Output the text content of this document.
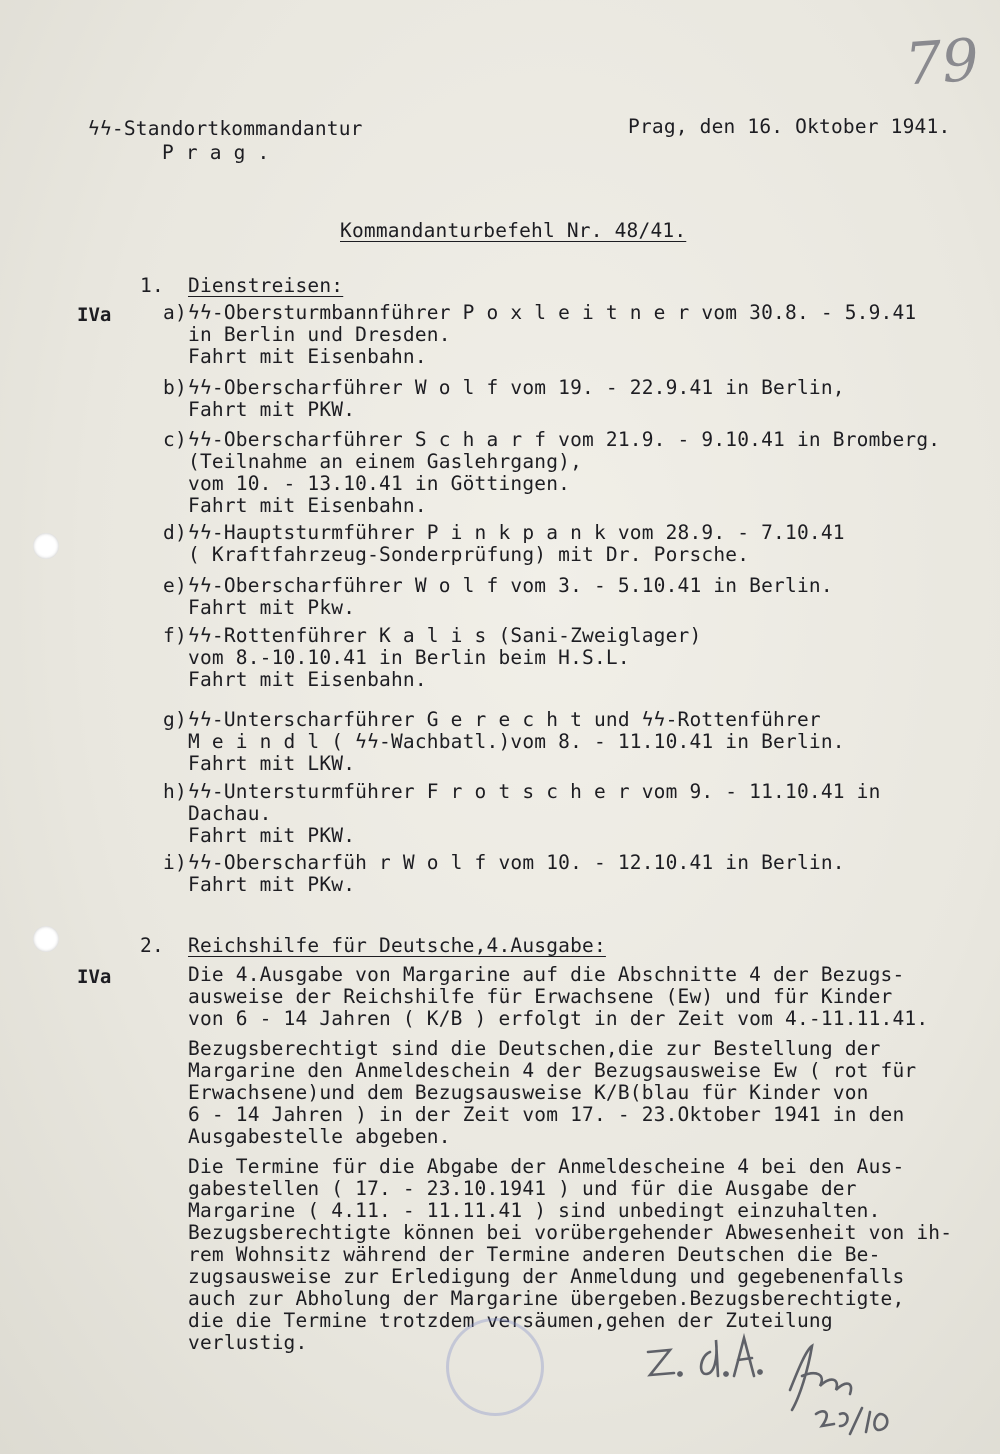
79
ϟϟ-Standortkommandantur
P r a g .
Prag, den 16. Oktober 1941.
Kommandanturbefehl Nr. 48/41.
1. Dienstreisen:
IVa	a) ϟϟ-Obersturmbannführer P o x l e i t n e r vom 30.8. - 5.9.41
in Berlin und Dresden.
Fahrt mit Eisenbahn.
b) ϟϟ-Oberscharführer W o l f vom 19. - 22.9.41 in Berlin,
Fahrt mit PKW.
c) ϟϟ-Oberscharführer S c h a r f vom 21.9. - 9.10.41 in Bromberg.
(Teilnahme an einem Gaslehrgang),
vom 10. - 13.10.41 in Göttingen.
Fahrt mit Eisenbahn.
d) ϟϟ-Hauptsturmführer P i n k p a n k vom 28.9. - 7.10.41
( Kraftfahrzeug-Sonderprüfung) mit Dr. Porsche.
e) ϟϟ-Oberscharführer W o l f vom 3. - 5.10.41 in Berlin.
Fahrt mit Pkw.
f) ϟϟ-Rottenführer K a l i s (Sani-Zweiglager)
vom 8.-10.10.41 in Berlin beim H.S.L.
Fahrt mit Eisenbahn.
g) ϟϟ-Unterscharführer G e r e c h t und ϟϟ-Rottenführer
M e i n d l ( ϟϟ-Wachbatl.)vom 8. - 11.10.41 in Berlin.
Fahrt mit LKW.
h) ϟϟ-Untersturmführer F r o t s c h e r vom 9. - 11.10.41 in
Dachau.
Fahrt mit PKW.
i) ϟϟ-Oberscharfüh r W o l f vom 10. - 12.10.41 in Berlin.
Fahrt mit PKw.
2. Reichshilfe für Deutsche,4.Ausgabe:
IVa	Die 4.Ausgabe von Margarine auf die Abschnitte 4 der Bezugs-
ausweise der Reichshilfe für Erwachsene (Ew) und für Kinder
von 6 - 14 Jahren ( K/B ) erfolgt in der Zeit vom 4.-11.11.41.
Bezugsberechtigt sind die Deutschen,die zur Bestellung der
Margarine den Anmeldeschein 4 der Bezugsausweise Ew ( rot für
Erwachsene)und dem Bezugsausweise K/B(blau für Kinder von
6 - 14 Jahren ) in der Zeit vom 17. - 23.Oktober 1941 in den
Ausgabestelle abgeben.
Die Termine für die Abgabe der Anmeldescheine 4 bei den Aus-
gabestellen ( 17. - 23.10.1941 ) und für die Ausgabe der
Margarine ( 4.11. - 11.11.41 ) sind unbedingt einzuhalten.
Bezugsberechtigte können bei vorübergehender Abwesenheit von ih-
rem Wohnsitz während der Termine anderen Deutschen die Be-
zugsausweise zur Erledigung der Anmeldung und gegebenenfalls
auch zur Abholung der Margarine übergeben.Bezugsberechtigte,
die die Termine trotzdem versäumen,gehen der Zuteilung
verlustig.
